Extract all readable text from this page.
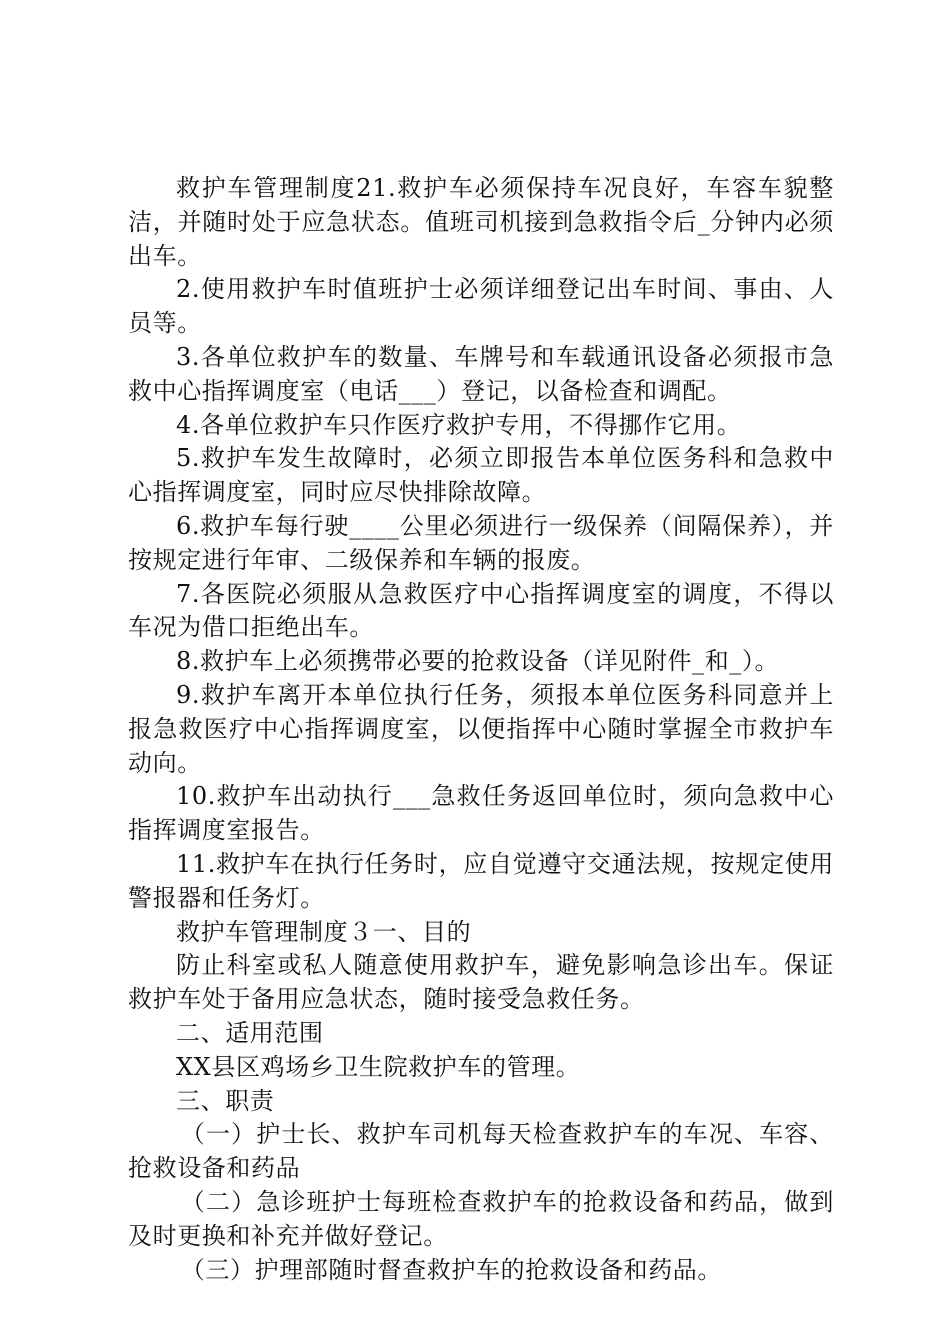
救护车管理制度21.救护车必须保持车况良好，车容车貌整洁，并随时处于应急状态。值班司机接到急救指令后_分钟内必须出车。

2.使用救护车时值班护士必须详细登记出车时间、事由、人员等。

3.各单位救护车的数量、车牌号和车载通讯设备必须报市急救中心指挥调度室（电话___）登记，以备检查和调配。

4.各单位救护车只作医疗救护专用，不得挪作它用。

5.救护车发生故障时，必须立即报告本单位医务科和急救中心指挥调度室，同时应尽快排除故障。

6.救护车每行驶____公里必须进行一级保养（间隔保养），并按规定进行年审、二级保养和车辆的报废。

7.各医院必须服从急救医疗中心指挥调度室的调度，不得以车况为借口拒绝出车。

8.救护车上必须携带必要的抢救设备（详见附件_和_）。

9.救护车离开本单位执行任务，须报本单位医务科同意并上报急救医疗中心指挥调度室，以便指挥中心随时掌握全市救护车动向。

10.救护车出动执行___急救任务返回单位时，须向急救中心指挥调度室报告。

11.救护车在执行任务时，应自觉遵守交通法规，按规定使用警报器和任务灯。

救护车管理制度３一、目的

防止科室或私人随意使用救护车，避免影响急诊出车。保证救护车处于备用应急状态，随时接受急救任务。

二、适用范围

XX县区鸡场乡卫生院救护车的管理。

三、职责

（一）护士长、救护车司机每天检查救护车的车况、车容、抢救设备和药品

（二）急诊班护士每班检查救护车的抢救设备和药品，做到及时更换和补充并做好登记。

（三）护理部随时督查救护车的抢救设备和药品。
